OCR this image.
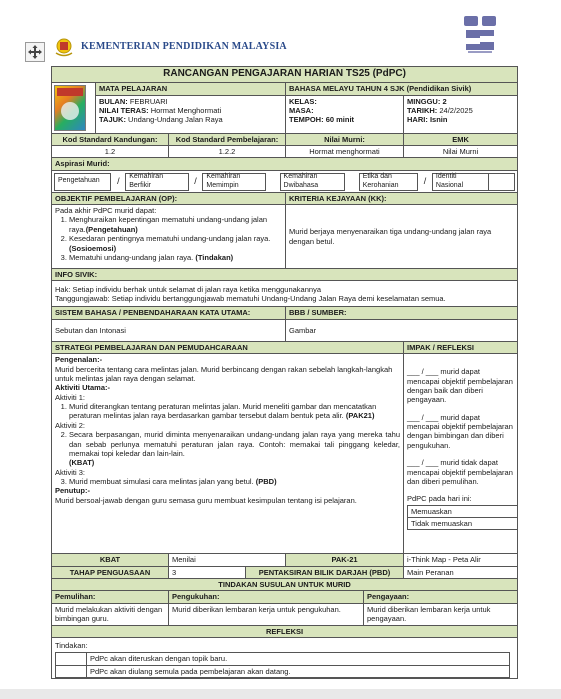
KEMENTERIAN PENDIDIKAN MALAYSIA
RANCANGAN PENGAJARAN HARIAN TS25 (PdPC)

	MATA PELAJARAN	BAHASA MELAYU TAHUN 4 SJK (Pendidikan Sivik)

BULAN: FEBRUARI
NILAI TERAS: Hormat Menghormati
TAJUK: Undang-Undang Jalan Raya

KELAS:
MASA:
TEMPOH: 60 minit

MINGGU: 2
TARIKH: 24/2/2025
HARI: Isnin

Kod Standard Kandungan:	Kod Standard Pembelajaran:	Nilai Murni:	EMK
1.2	1.2.2	Hormat menghormati	Nilai Murni
Aspirasi Murid:

Pengetahuan	/	Kemahiran Berfikir	/	Kemahiran Memimpin
Kemahiran Dwibahasa
Etika dan Kerohanian	/	Identiti Nasional

OBJEKTIF PEMBELAJARAN (OP):	KRITERIA KEJAYAAN (KK):

Pada akhir PdPC murid dapat:
1. Menghuraikan kepentingan mematuhi undang-undang jalan raya.(Pengetahuan)
2. Kesedaran pentingnya mematuhi undang-undang jalan raya. (Sosioemosi)
3. Mematuhi undang-undang jalan raya. (Tindakan)
	Murid berjaya menyenaraikan tiga undang-undang jalan raya dengan betul.
INFO SIVIK:

Hak: Setiap individu berhak untuk selamat di jalan raya ketika menggunakannya
Tanggungjawab: Setiap individu bertanggungjawab mematuhi Undang-Undang Jalan Raya demi keselamatan semua.

SISTEM BAHASA / PENBENDAHARAAN KATA UTAMA:	BBB / SUMBER:
Sebutan dan Intonasi	Gambar
STRATEGI PEMBELAJARAN DAN PEMUDAHCARAAN	IMPAK / REFLEKSI

Pengenalan:-
Murid bercerita tentang cara melintas jalan. Murid berbincang dengan rakan sebelah langkah-langkah untuk melintas jalan raya dengan selamat.
Aktiviti Utama:-
Aktiviti 1:
1. Murid diterangkan tentang peraturan melintas jalan. Murid meneliti gambar dan mencatatkan peraturan melintas jalan raya berdasarkan gambar tersebut dalam bentuk peta alir. (PAK21)
Aktiviti 2:
2. Secara berpasangan, murid diminta menyenaraikan undang-undang jalan raya yang mereka tahu dan sebab perlunya mematuhi peraturan jalan raya. Contoh: memakai tali pinggang keledar, memakai topi keledar dan lain-lain.
(KBAT)
Aktiviti 3:
3. Murid membuat simulasi cara melintas jalan yang betul. (PBD)
Penutup:-
Murid bersoal-jawab dengan guru semasa guru membuat kesimpulan tentang isi pelajaran.

___ / ___ murid dapat mencapai objektif pembelajaran dengan baik dan diberi pengayaan.
___ / ___ murid dapat mencapai objektif pembelajaran dengan bimbingan dan diberi pengukuhan.
___ / ___ murid tidak dapat mencapai objektif pembelajaran dan diberi pemulihan.
PdPC pada hari ini:
Memuaskan	
Tidak memuaskan	

KBAT	Menilai	PAK-21	i-Think Map - Peta Alir
TAHAP PENGUASAAN	3	PENTAKSIRAN BILIK DARJAH (PBD)	Main Peranan
TINDAKAN SUSULAN UNTUK MURID
Pemulihan:	Pengukuhan:	Pengayaan:
Murid melakukan aktiviti dengan bimbingan guru.	Murid diberikan lembaran kerja untuk pengukuhan.	Murid diberikan lembaran kerja untuk pengayaan.
REFLEKSI

Tindakan:
	PdPc akan diteruskan dengan topik baru.
	PdPc akan diulang semula pada pembelajaran akan datang.
